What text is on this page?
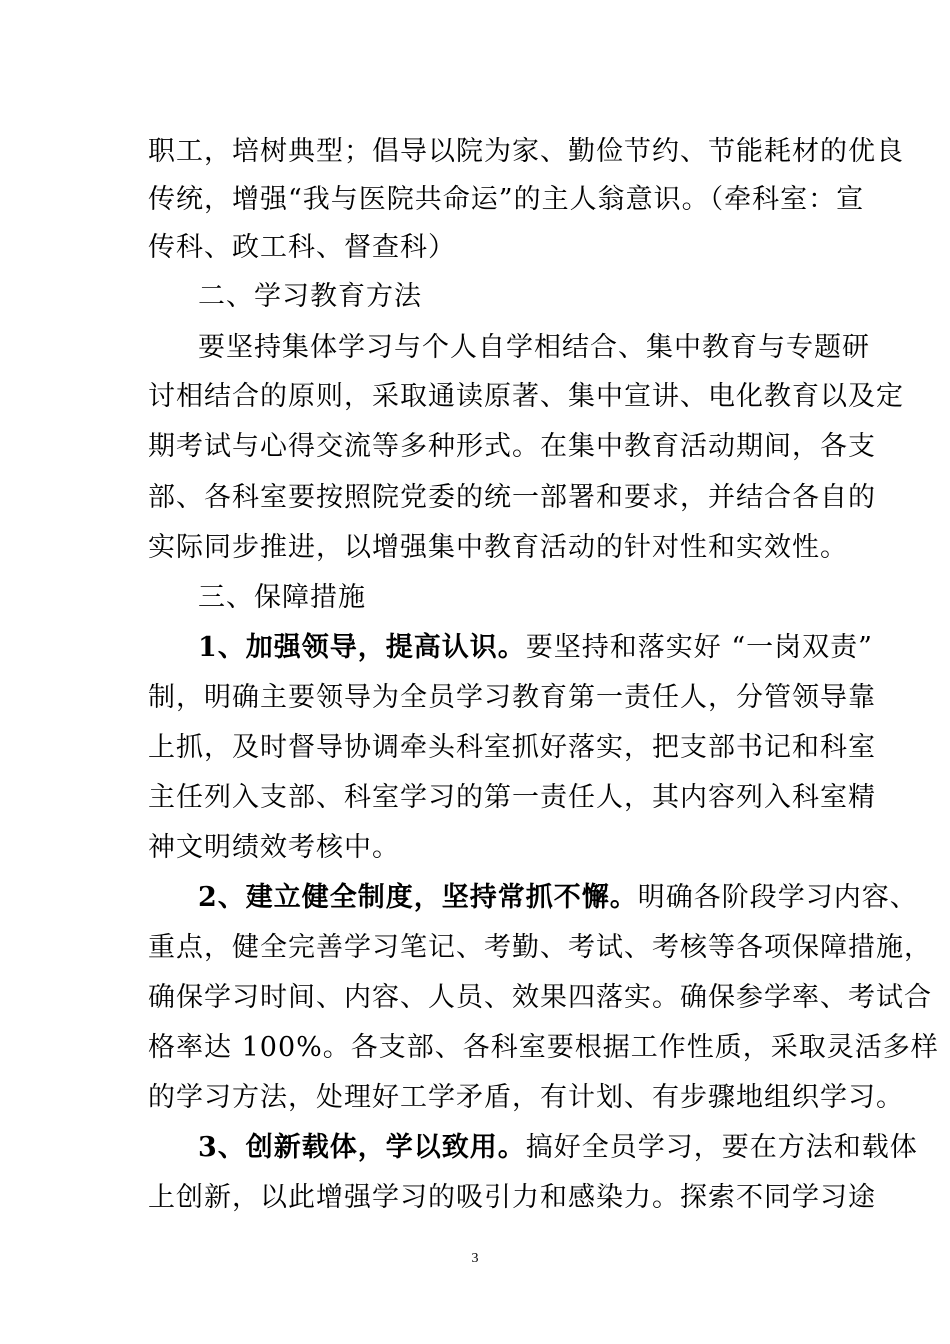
职工，培树典型；倡导以院为家、勤俭节约、节能耗材的优良
传统，增强“我与医院共命运”的主人翁意识。（牵科室：宣
传科、政工科、督查科）
二、学习教育方法
要坚持集体学习与个人自学相结合、集中教育与专题研
讨相结合的原则，采取通读原著、集中宣讲、电化教育以及定
期考试与心得交流等多种形式。在集中教育活动期间，各支
部、各科室要按照院党委的统一部署和要求，并结合各自的
实际同步推进，以增强集中教育活动的针对性和实效性。
三、保障措施
1、加强领导，提高认识。要坚持和落实好 “一岗双责”
制，明确主要领导为全员学习教育第一责任人，分管领导靠
上抓，及时督导协调牵头科室抓好落实，把支部书记和科室
主任列入支部、科室学习的第一责任人，其内容列入科室精
神文明绩效考核中。
2、建立健全制度，坚持常抓不懈。明确各阶段学习内容、
重点，健全完善学习笔记、考勤、考试、考核等各项保障措施，
确保学习时间、内容、人员、效果四落实。确保参学率、考试合
格率达 100%。各支部、各科室要根据工作性质，采取灵活多样
的学习方法，处理好工学矛盾，有计划、有步骤地组织学习。
3、创新载体，学以致用。搞好全员学习，要在方法和载体
上创新，以此增强学习的吸引力和感染力。探索不同学习途
3
